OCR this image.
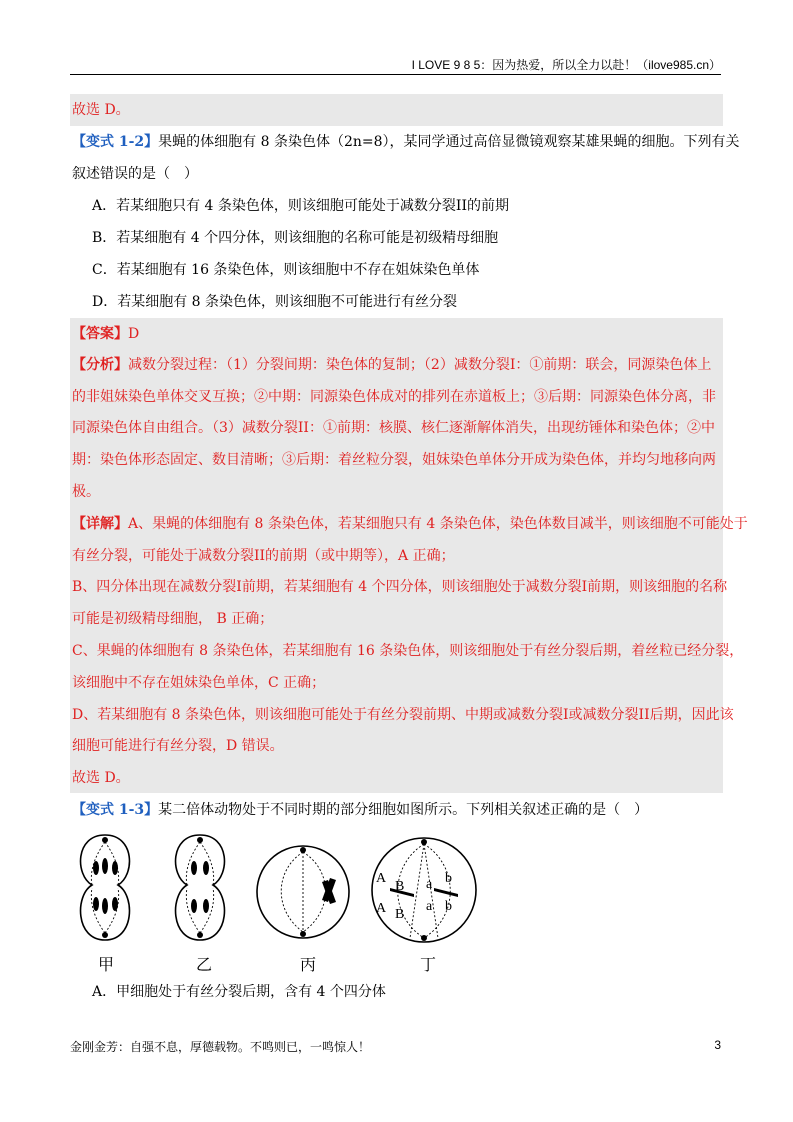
I LOVE 9 8 5：因为热爱，所以全力以赴！（ilove985.cn）
故选 D。
【变式 1-2】果蝇的体细胞有 8 条染色体（2n=8），某同学通过高倍显微镜观察某雄果蝇的细胞。下列有关
叙述错误的是（　）
A．若某细胞只有 4 条染色体，则该细胞可能处于减数分裂II的前期
B．若某细胞有 4 个四分体，则该细胞的名称可能是初级精母细胞
C．若某细胞有 16 条染色体，则该细胞中不存在姐妹染色单体
D．若某细胞有 8 条染色体，则该细胞不可能进行有丝分裂
【答案】D
【分析】减数分裂过程：（1）分裂间期：染色体的复制；（2）减数分裂I：①前期：联会，同源染色体上
的非姐妹染色单体交叉互换；②中期：同源染色体成对的排列在赤道板上；③后期：同源染色体分离，非
同源染色体自由组合。（3）减数分裂II：①前期：核膜、核仁逐渐解体消失，出现纺锤体和染色体；②中
期：染色体形态固定、数目清晰；③后期：着丝粒分裂，姐妹染色单体分开成为染色体，并均匀地移向两
极。
【详解】A、果蝇的体细胞有 8 条染色体，若某细胞只有 4 条染色体，染色体数目减半，则该细胞不可能处于
有丝分裂，可能处于减数分裂II的前期（或中期等），A 正确；
B、四分体出现在减数分裂I前期，若某细胞有 4 个四分体，则该细胞处于减数分裂I前期，则该细胞的名称
可能是初级精母细胞， B 正确；
C、果蝇的体细胞有 8 条染色体，若某细胞有 16 条染色体，则该细胞处于有丝分裂后期，着丝粒已经分裂，
该细胞中不存在姐妹染色单体，C 正确；
D、若某细胞有 8 条染色体，则该细胞可能处于有丝分裂前期、中期或减数分裂I或减数分裂II后期，因此该
细胞可能进行有丝分裂，D 错误。
故选 D。
【变式 1-3】某二倍体动物处于不同时期的部分细胞如图所示。下列相关叙述正确的是（　）
A
B a b
A B
a b
甲	乙	丙	丁
A．甲细胞处于有丝分裂后期，含有 4 个四分体
金刚金芳：自强不息，厚德载物。不鸣则已，一鸣惊人！	3
